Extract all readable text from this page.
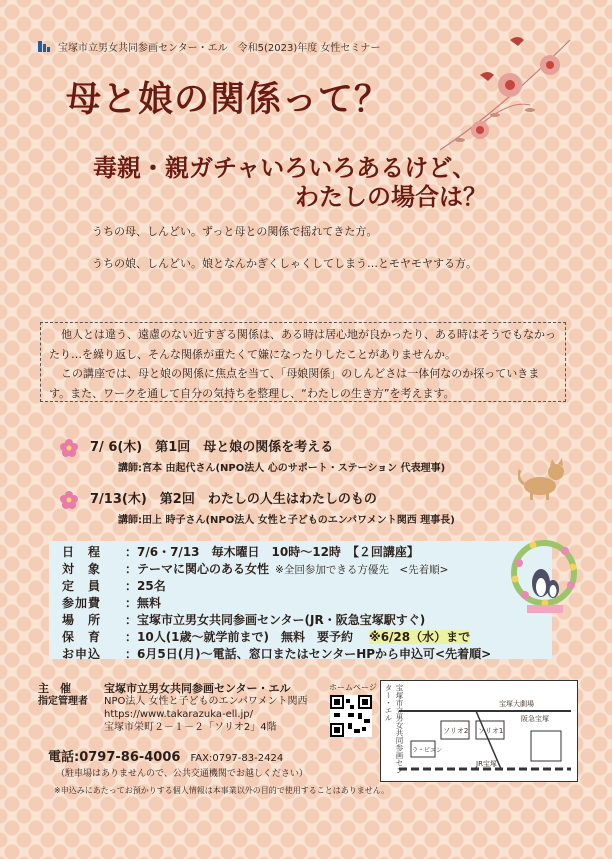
宝塚市立男女共同参画センター・エル　令和5(2023)年度 女性セミナー
母と娘の関係って？
毒親・親ガチャいろいろあるけど、
わたしの場合は？
うちの母、しんどい。ずっと母との関係で揺れてきた方。
うちの娘、しんどい。娘となんかぎくしゃくしてしまう…とモヤモヤする方。

他人とは違う、遠慮のない近すぎる関係は、ある時は居心地が良かったり、ある時はそうでもなかったり…を繰り返し、そんな関係が重たくて嫌になったりしたことがありませんか。

この講座では、母と娘の関係に焦点を当て、「母娘関係」のしんどさは一体何なのか探っていきます。また、ワークを通して自分の気持ちを整理し、“わたしの生き方”を考えます。

7/ 6(木)　第1回　母と娘の関係を考える
講師:宮本 由起代さん(NPO法人 心のサポート・ステーション 代表理事)
7/13(木)　第2回　わたしの人生はわたしのもの
講師:田上 時子さん(NPO法人 女性と子どものエンパワメント関西 理事長)
日　程	：7/6・7/13　毎木曜日　10時～12時　【２回講座】
対　象	：テーマに関心のある女性 ※全回参加できる方優先　<先着順>
定　員	：25名
参加費	：無料
場　所	：宝塚市立男女共同参画センター(JR・阪急宝塚駅すぐ)
保　育	：10人(1歳～就学前まで)　無料　要予約 ※6/28（水）まで
お申込	：6月5日(月)～電話、窓口またはセンターHPから申込可<先着順>
主　催	宝塚市立男女共同参画センター・エル
指定管理者	NPO法人 女性と子どものエンパワメント関西
	https://www.takarazuka-ell.jp/
	宝塚市栄町２－１－２「ソリオ2」4階
電話:0797-86-4006 FAX:0797-83-2424
（駐車場はありませんので、公共交通機関でお越しください）
※申込みにあたってお預かりする個人情報は本事業以外の目的で使用することはありません。
ホームページ	宝塚市立男女共同参画センター・エル	宝塚大劇場
阪急宝塚
ソリオ2 ソリオ1
JR宝塚
ラ・ビエン
